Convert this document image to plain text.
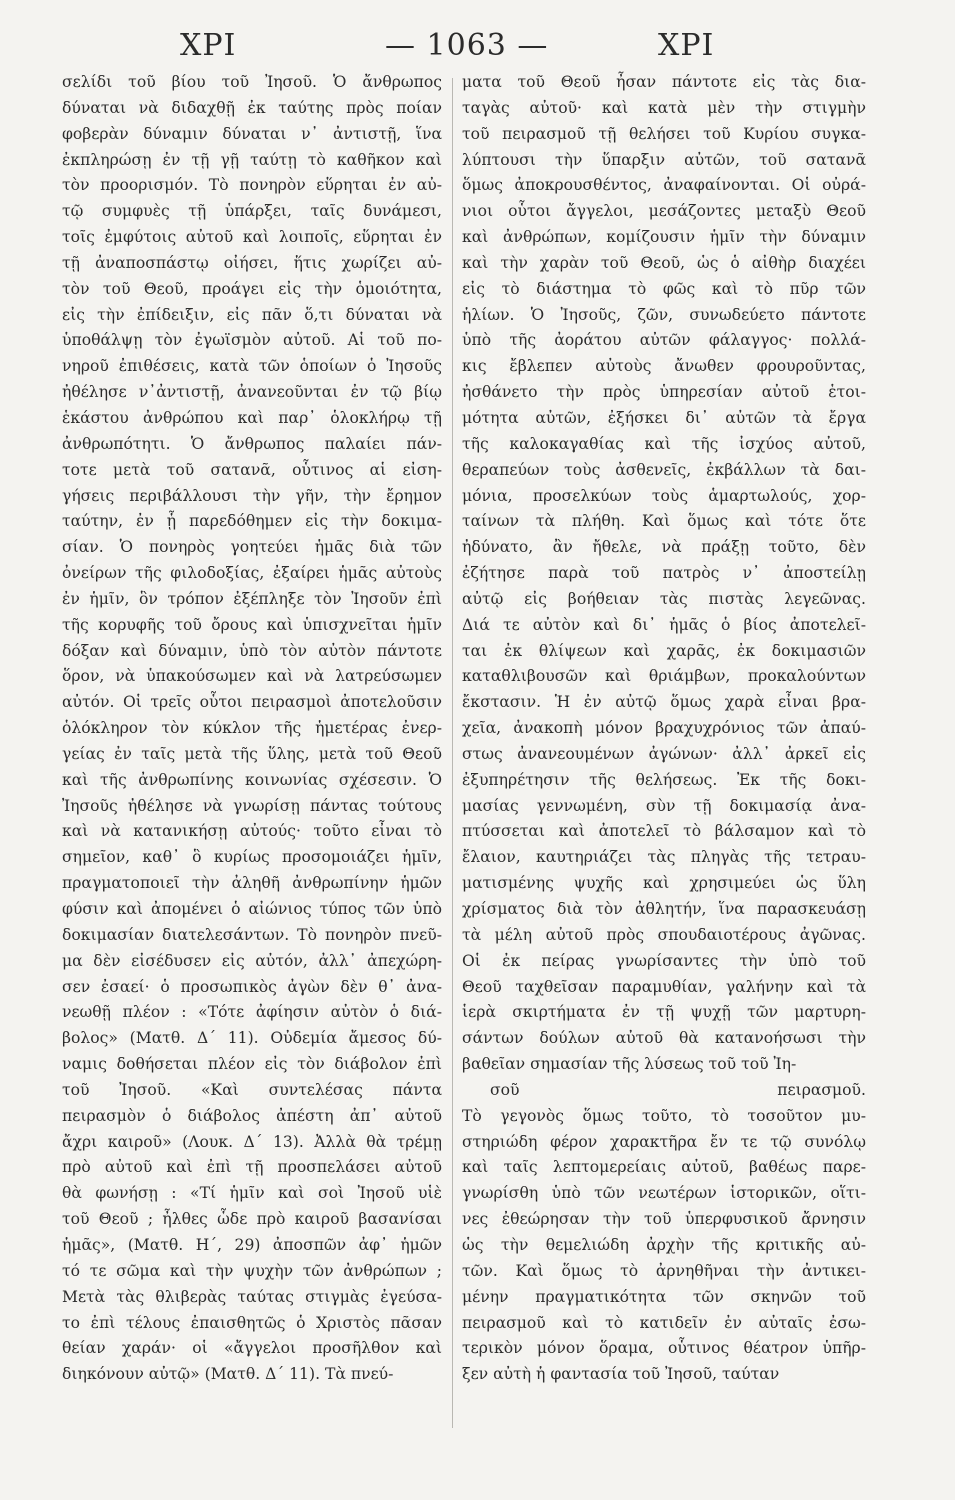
ΧΡΙ	— 1063 —	ΧΡΙ
σελίδι τοῦ βίου τοῦ Ἰησοῦ. Ὁ ἄνθρωπος
δύναται νὰ διδαχθῇ ἐκ ταύτης πρὸς ποίαν
φοβερὰν δύναμιν δύναται ν᾿ ἀντιστῇ, ἵνα
ἐκπληρώσῃ ἐν τῇ γῇ ταύτῃ τὸ καθῆκον καὶ
τὸν προορισμόν. Τὸ πονηρὸν εὕρηται ἐν αὐ-
τῷ συμφυὲς τῇ ὑπάρξει, ταῖς δυνάμεσι,
τοῖς ἐμφύτοις αὐτοῦ καὶ λοιποῖς, εὕρηται ἐν
τῇ ἀναποσπάστῳ οἰήσει, ἥτις χωρίζει αὐ-
τὸν τοῦ Θεοῦ, προάγει εἰς τὴν ὁμοιότητα,
εἰς τὴν ἐπίδειξιν, εἰς πᾶν ὅ,τι δύναται νὰ
ὑποθάλψῃ τὸν ἐγωϊσμὸν αὐτοῦ. Αἱ τοῦ πο-
νηροῦ ἐπιθέσεις, κατὰ τῶν ὁποίων ὁ Ἰησοῦς
ἠθέλησε ν᾿ἀντιστῇ, ἀνανεοῦνται ἐν τῷ βίῳ
ἑκάστου ἀνθρώπου καὶ παρ᾿ ὁλοκλήρῳ τῇ
ἀνθρωπότητι. Ὁ ἄνθρωπος παλαίει πάν-
τοτε μετὰ τοῦ σατανᾶ, οὗτινος αἱ εἰση-
γήσεις περιβάλλουσι τὴν γῆν, τὴν ἔρημον
ταύτην, ἐν ᾗ παρεδόθημεν εἰς τὴν δοκιμα-
σίαν. Ὁ πονηρὸς γοητεύει ἡμᾶς διὰ τῶν
ὀνείρων τῆς φιλοδοξίας, ἐξαίρει ἡμᾶς αὐτοὺς
ἐν ἡμῖν, ὃν τρόπον ἐξέπληξε τὸν Ἰησοῦν ἐπὶ
τῆς κορυφῆς τοῦ ὄρους καὶ ὑπισχνεῖται ἡμῖν
δόξαν καὶ δύναμιν, ὑπὸ τὸν αὐτὸν πάντοτε
ὅρον, νὰ ὑπακούσωμεν καὶ νὰ λατρεύσωμεν
αὐτόν. Οἱ τρεῖς οὗτοι πειρασμοὶ ἀποτελοῦσιν
ὁλόκληρον τὸν κύκλον τῆς ἡμετέρας ἐνερ-
γείας ἐν ταῖς μετὰ τῆς ὕλης, μετὰ τοῦ Θεοῦ
καὶ τῆς ἀνθρωπίνης κοινωνίας σχέσεσιν. Ὁ
Ἰησοῦς ἠθέλησε νὰ γνωρίσῃ πάντας τούτους
καὶ νὰ κατανικήσῃ αὐτούς· τοῦτο εἶναι τὸ
σημεῖον, καθ᾿ ὃ κυρίως προσομοιάζει ἡμῖν,
πραγματοποιεῖ τὴν ἀληθῆ ἀνθρωπίνην ἡμῶν
φύσιν καὶ ἀπομένει ὁ αἰώνιος τύπος τῶν ὑπὸ
δοκιμασίαν διατελεσάντων. Τὸ πονηρὸν πνεῦ-
μα δὲν εἰσέδυσεν εἰς αὐτόν, ἀλλ᾿ ἀπεχώρη-
σεν ἐσαεί· ὁ προσωπικὸς ἀγὼν δὲν θ᾿ ἀνα-
νεωθῇ πλέον : «Τότε ἀφίησιν αὐτὸν ὁ διά-
βολος» (Ματθ. Δ΄ 11). Οὐδεμία ἄμεσος δύ-
ναμις δοθήσεται πλέον εἰς τὸν διάβολον ἐπὶ
τοῦ Ἰησοῦ. «Καὶ συντελέσας πάντα
πειρασμὸν ὁ διάβολος ἀπέστη ἀπ᾿ αὐτοῦ
ἄχρι καιροῦ» (Λουκ. Δ΄ 13). Ἀλλὰ θὰ τρέμῃ
πρὸ αὐτοῦ καὶ ἐπὶ τῇ προσπελάσει αὐτοῦ
θὰ φωνήσῃ : «Τί ἡμῖν καὶ σοὶ Ἰησοῦ υἱὲ
τοῦ Θεοῦ ; ἦλθες ὧδε πρὸ καιροῦ βασανίσαι
ἡμᾶς», (Ματθ. Η΄, 29) ἀποσπῶν ἀφ᾿ ἡμῶν
τό τε σῶμα καὶ τὴν ψυχὴν τῶν ἀνθρώπων ;
Μετὰ τὰς θλιβερὰς ταύτας στιγμὰς ἐγεύσα-
το ἐπὶ τέλους ἐπαισθητῶς ὁ Χριστὸς πᾶσαν
θείαν χαράν· οἱ «ἄγγελοι προσῆλθον καὶ
διηκόνουν αὐτῷ» (Ματθ. Δ΄ 11). Τὰ πνεύ-
ματα τοῦ Θεοῦ ἦσαν πάντοτε εἰς τὰς δια-
ταγὰς αὐτοῦ· καὶ κατὰ μὲν τὴν στιγμὴν
τοῦ πειρασμοῦ τῇ θελήσει τοῦ Κυρίου συγκα-
λύπτουσι τὴν ὕπαρξιν αὐτῶν, τοῦ σατανᾶ
ὅμως ἀποκρουσθέντος, ἀναφαίνονται. Οἱ οὐρά-
νιοι οὗτοι ἄγγελοι, μεσάζοντες μεταξὺ Θεοῦ
καὶ ἀνθρώπων, κομίζουσιν ἡμῖν τὴν δύναμιν
καὶ τὴν χαρὰν τοῦ Θεοῦ, ὡς ὁ αἰθὴρ διαχέει
εἰς τὸ διάστημα τὸ φῶς καὶ τὸ πῦρ τῶν
ἡλίων. Ὁ Ἰησοῦς, ζῶν, συνωδεύετο πάντοτε
ὑπὸ τῆς ἀοράτου αὐτῶν φάλαγγος· πολλά-
κις ἔβλεπεν αὐτοὺς ἄνωθεν φρουροῦντας,
ἠσθάνετο τὴν πρὸς ὑπηρεσίαν αὐτοῦ ἑτοι-
μότητα αὐτῶν, ἐξήσκει δι᾿ αὐτῶν τὰ ἔργα
τῆς καλοκαγαθίας καὶ τῆς ἰσχύος αὐτοῦ,
θεραπεύων τοὺς ἀσθενεῖς, ἐκβάλλων τὰ δαι-
μόνια, προσελκύων τοὺς ἁμαρτωλούς, χορ-
ταίνων τὰ πλήθη. Καὶ ὅμως καὶ τότε ὅτε
ἠδύνατο, ἂν ἤθελε, νὰ πράξῃ τοῦτο, δὲν
ἐζήτησε παρὰ τοῦ πατρὸς ν᾿ ἀποστείλῃ
αὐτῷ εἰς βοήθειαν τὰς πιστὰς λεγεῶνας.
Διά τε αὐτὸν καὶ δι᾿ ἡμᾶς ὁ βίος ἀποτελεῖ-
ται ἐκ θλίψεων καὶ χαρᾶς, ἐκ δοκιμασιῶν
καταθλιβουσῶν καὶ θριάμβων, προκαλούντων
ἔκστασιν. Ἡ ἐν αὐτῷ ὅμως χαρὰ εἶναι βρα-
χεῖα, ἀνακοπὴ μόνον βραχυχρόνιος τῶν ἀπαύ-
στως ἀνανεουμένων ἀγώνων· ἀλλ᾿ ἀρκεῖ εἰς
ἐξυπηρέτησιν τῆς θελήσεως. Ἐκ τῆς δοκι-
μασίας γεννωμένη, σὺν τῇ δοκιμασίᾳ ἀνα-
πτύσσεται καὶ ἀποτελεῖ τὸ βάλσαμον καὶ τὸ
ἔλαιον, καυτηριάζει τὰς πληγὰς τῆς τετραυ-
ματισμένης ψυχῆς καὶ χρησιμεύει ὡς ὕλη
χρίσματος διὰ τὸν ἀθλητήν, ἵνα παρασκευάσῃ
τὰ μέλη αὐτοῦ πρὸς σπουδαιοτέρους ἀγῶνας.
Οἱ ἐκ πείρας γνωρίσαντες τὴν ὑπὸ τοῦ
Θεοῦ ταχθεῖσαν παραμυθίαν, γαλήνην καὶ τὰ
ἱερὰ σκιρτήματα ἐν τῇ ψυχῇ τῶν μαρτυρη-
σάντων δούλων αὐτοῦ θὰ κατανοήσωσι τὴν
βαθεῖαν σημασίαν τῆς λύσεως τοῦ τοῦ Ἰη-
σοῦ πειρασμοῦ.
Τὸ γεγονὸς ὅμως τοῦτο, τὸ τοσοῦτον μυ-
στηριώδη φέρον χαρακτῆρα ἔν τε τῷ συνόλῳ
καὶ ταῖς λεπτομερείαις αὐτοῦ, βαθέως παρε-
γνωρίσθη ὑπὸ τῶν νεωτέρων ἱστορικῶν, οἵτι-
νες ἐθεώρησαν τὴν τοῦ ὑπερφυσικοῦ ἄρνησιν
ὡς τὴν θεμελιώδη ἀρχὴν τῆς κριτικῆς αὐ-
τῶν. Καὶ ὅμως τὸ ἀρνηθῆναι τὴν ἀντικει-
μένην πραγματικότητα τῶν σκηνῶν τοῦ
πειρασμοῦ καὶ τὸ κατιδεῖν ἐν αὐταῖς ἐσω-
τερικὸν μόνον ὅραμα, οὗτινος θέατρον ὑπῆρ-
ξεν αὐτὴ ἡ φαντασία τοῦ Ἰησοῦ, ταύταν
